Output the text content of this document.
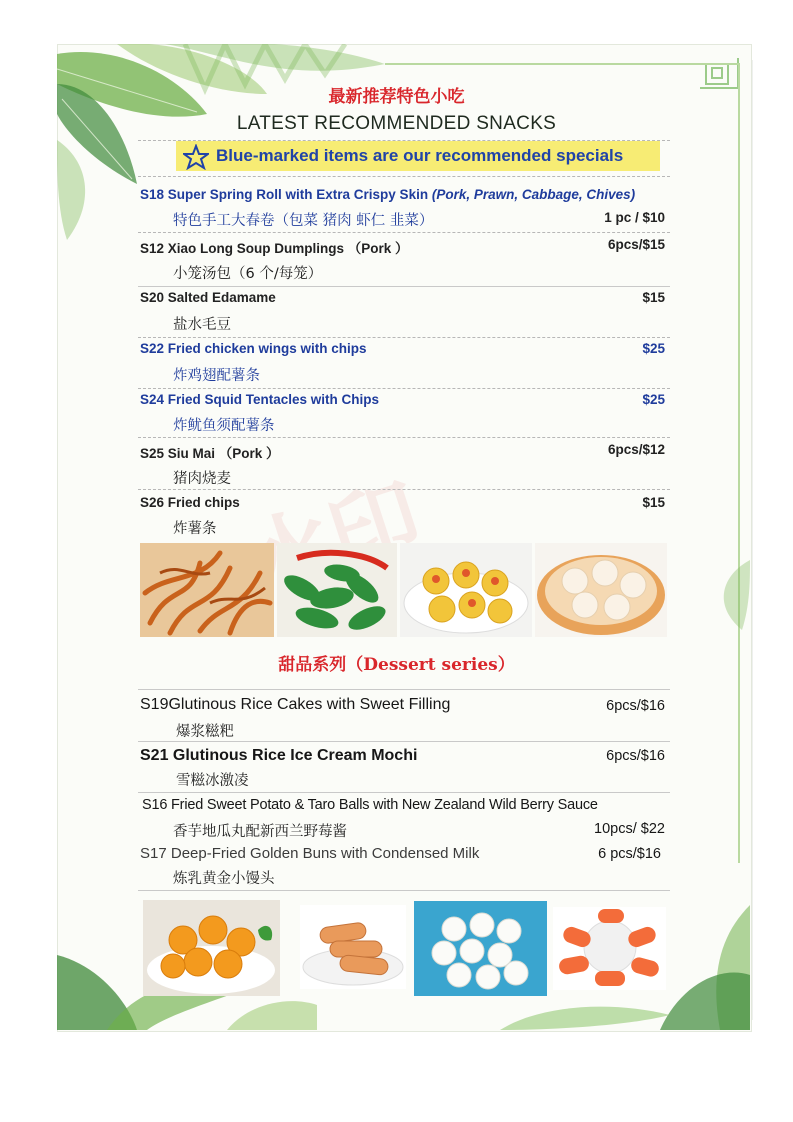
最新推荐特色小吃
LATEST RECOMMENDED SNACKS
Blue-marked items are our recommended specials
S18 Super Spring Roll with Extra Crispy Skin (Pork, Prawn, Cabbage, Chives)
特色手工大春卷（包菜 猪肉 虾仁 韭菜）	1 pc / $10
S12 Xiao Long Soup Dumplings （Pork ）	6pcs/$15
小笼汤包（6 个/每笼）
S20 Salted Edamame	$15
盐水毛豆
S22 Fried chicken wings with chips	$25
炸鸡翅配薯条
S24 Fried Squid Tentacles with Chips	$25
炸鱿鱼须配薯条
S25 Siu Mai （Pork ）	6pcs/$12
猪肉烧麦
S26 Fried chips	$15
炸薯条
甜品系列（Dessert series）
S19Glutinous Rice Cakes with Sweet Filling	6pcs/$16
爆浆糍粑
S21 Glutinous Rice Ice Cream Mochi	6pcs/$16
雪糍冰激凌
S16 Fried Sweet Potato & Taro Balls with New Zealand Wild Berry Sauce
香芋地瓜丸配新西兰野莓酱	10pcs/ $22
S17 Deep-Fried Golden Buns with Condensed Milk	6 pcs/$16
炼乳黄金小馒头
